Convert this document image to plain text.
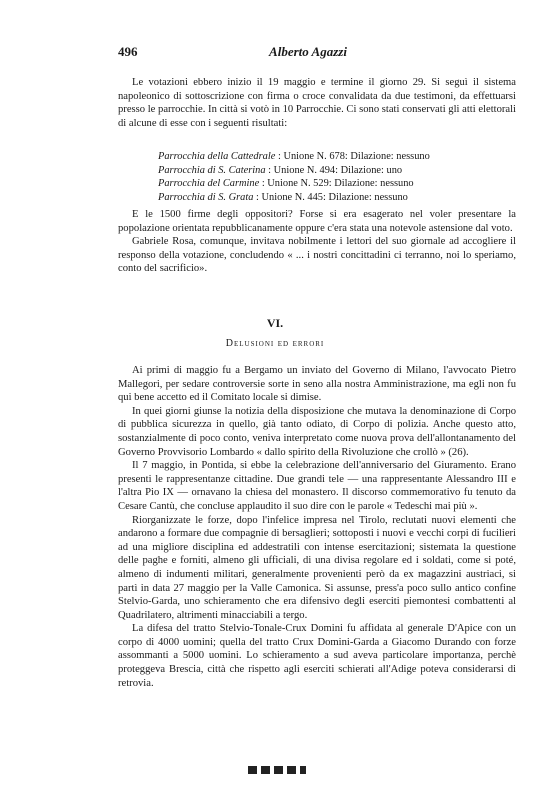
496	Alberto Agazzi

Le votazioni ebbero inizio il 19 maggio e termine il giorno 29. Si seguì il sistema napoleonico di sottoscrizione con firma o croce convalidata da due testimoni, da effettuarsi presso le parrocchie. In città si votò in 10 Parrocchie. Ci sono stati conservati gli atti elettorali di alcune di esse con i seguenti risultati:

Parrocchia della Cattedrale : Unione N. 678: Dilazione: nessuno
Parrocchia di S. Caterina : Unione N. 494: Dilazione: uno
Parrocchia del Carmine : Unione N. 529: Dilazione: nessuno
Parrocchia di S. Grata : Unione N. 445: Dilazione: nessuno

E le 1500 firme degli oppositori? Forse si era esagerato nel voler presentare la popolazione orientata repubblicanamente oppure c'era stata una notevole astensione dal voto.

Gabriele Rosa, comunque, invitava nobilmente i lettori del suo giornale ad accogliere il responso della votazione, concludendo « ... i nostri concittadini ci terranno, noi lo speriamo, conto del sacrificio».

VI.
Delusioni ed errori

Ai primi di maggio fu a Bergamo un inviato del Governo di Milano, l'avvocato Pietro Mallegori, per sedare controversie sorte in seno alla nostra Amministrazione, ma egli non fu qui bene accetto ed il Comitato locale si dimise.

In quei giorni giunse la notizia della disposizione che mutava la denominazione di Corpo di pubblica sicurezza in quello, già tanto odiato, di Corpo di polizia. Anche questo atto, sostanzialmente di poco conto, veniva interpretato come nuova prova dell'allontanamento del Governo Provvisorio Lombardo « dallo spirito della Rivoluzione che crollò » (26).

Il 7 maggio, in Pontida, si ebbe la celebrazione dell'anniversario del Giuramento. Erano presenti le rappresentanze cittadine. Due grandi tele — una rappresentante Alessandro III e l'altra Pio IX — ornavano la chiesa del monastero. Il discorso commemorativo fu tenuto da Cesare Cantù, che concluse applaudito il suo dire con le parole « Tedeschi mai più ».

Riorganizzate le forze, dopo l'infelice impresa nel Tirolo, reclutati nuovi elementi che andarono a formare due compagnie di bersaglieri; sottoposti i nuovi e vecchi corpi di fucilieri ad una migliore disciplina ed addestratili con intense esercitazioni; sistemata la questione delle paghe e forniti, almeno gli ufficiali, di una divisa regolare ed i soldati, come si poté, almeno di indumenti militari, generalmente provenienti però da ex magazzini austriaci, si partì in data 27 maggio per la Valle Camonica. Si assunse, press'a poco sullo antico confine Stelvio-Garda, uno schieramento che era difensivo degli eserciti piemontesi combattenti al Quadrilatero, altrimenti minacciabili a tergo.

La difesa del tratto Stelvio-Tonale-Crux Domini fu affidata al generale D'Apice con un corpo di 4000 uomini; quella del tratto Crux Domini-Garda a Giacomo Durando con forze assommanti a 5000 uomini. Lo schieramento a sud aveva particolare importanza, perchè proteggeva Brescia, città che rispetto agli eserciti schierati all'Adige poteva considerarsi di retrovia.
